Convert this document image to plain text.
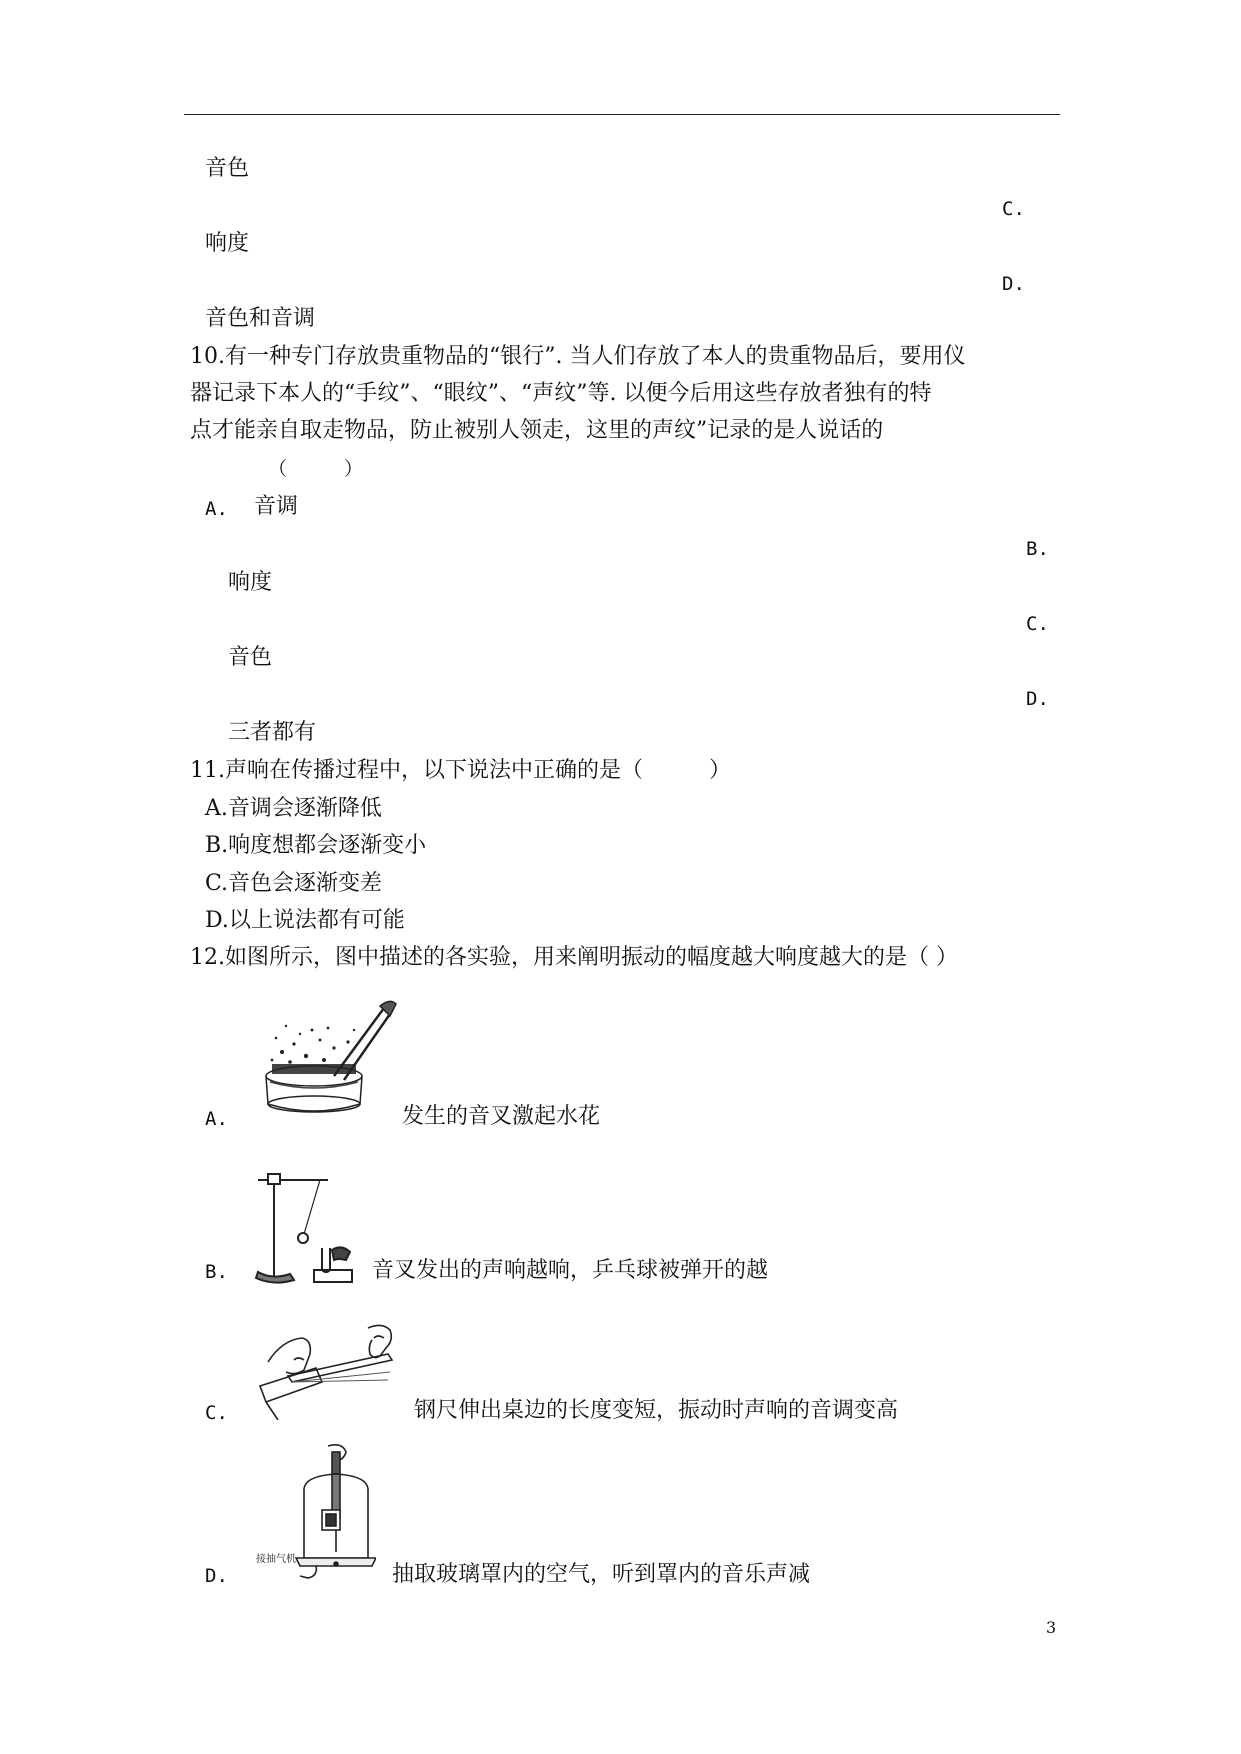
音色
C.
响度
D.
音色和音调
10.有一种专门存放贵重物品的“银行”. 当人们存放了本人的贵重物品后，要用仪
器记录下本人的“手纹”、“眼纹”、“声纹”等. 以便今后用这些存放者独有的特
点才能亲自取走物品，防止被别人领走，这里的声纹”记录的是人说话的
（　　　）
A. 音调
B.
响度
C.
音色
D.
三者都有
11.声响在传播过程中，以下说法中正确的是（　　　）
A.音调会逐渐降低
B.响度想都会逐渐变小
C.音色会逐渐变差
D.以上说法都有可能
12.如图所示，图中描述的各实验，用来阐明振动的幅度越大响度越大的是（ ）
A.	发生的音叉激起水花
B.	音叉发出的声响越响，乒乓球被弹开的越
C.	钢尺伸出桌边的长度变短，振动时声响的音调变高
接抽气机
D.	抽取玻璃罩内的空气，听到罩内的音乐声减
3
